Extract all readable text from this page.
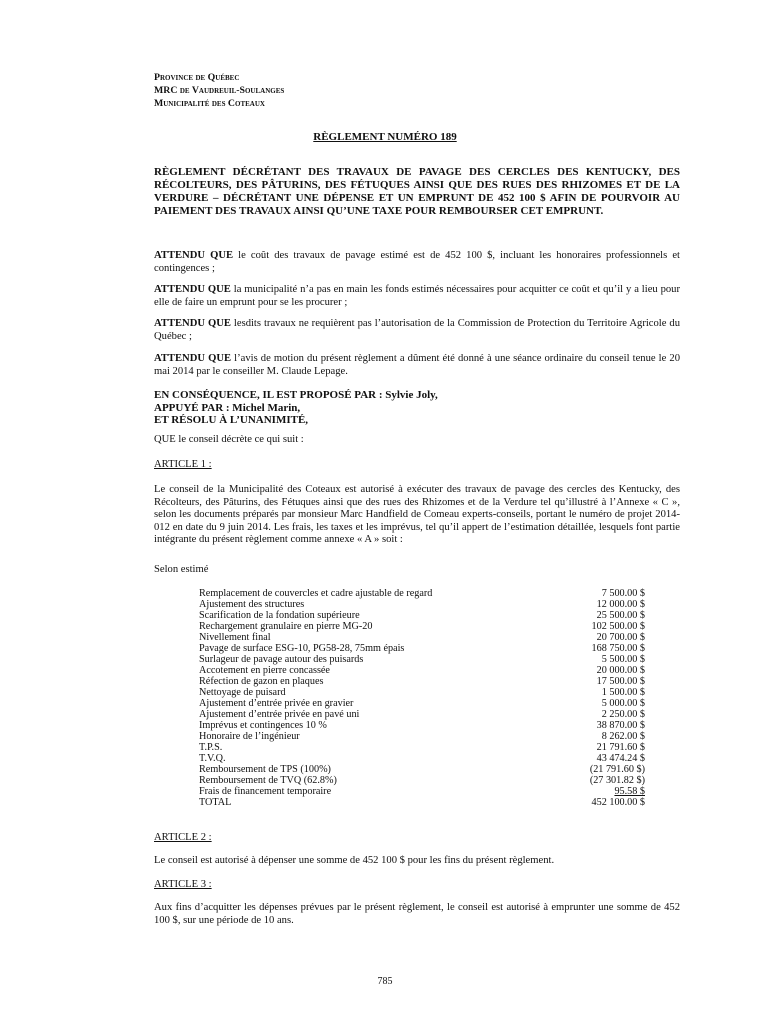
Province de Québec
MRC de Vaudreuil-Soulanges
Municipalité des Coteaux
RÈGLEMENT NUMÉRO 189
RÈGLEMENT DÉCRÉTANT DES TRAVAUX DE PAVAGE DES CERCLES DES KENTUCKY, DES RÉCOLTEURS, DES PÂTURINS, DES FÉTUQUES AINSI QUE DES RUES DES RHIZOMES ET DE LA VERDURE – DÉCRÉTANT UNE DÉPENSE ET UN EMPRUNT DE 452 100 $ AFIN DE POURVOIR AU PAIEMENT DES TRAVAUX AINSI QU’UNE TAXE POUR REMBOURSER CET EMPRUNT.
ATTENDU QUE le coût des travaux de pavage estimé est de 452 100 $, incluant les honoraires professionnels et contingences ;
ATTENDU QUE la municipalité n’a pas en main les fonds estimés nécessaires pour acquitter ce coût et qu’il y a lieu pour elle de faire un emprunt pour se les procurer ;
ATTENDU QUE lesdits travaux ne requièrent pas l’autorisation de la Commission de Protection du Territoire Agricole du Québec ;
ATTENDU QUE l’avis de motion du présent règlement a dûment été donné à une séance ordinaire du conseil tenue le 20 mai 2014 par le conseiller M. Claude Lepage.
EN CONSÉQUENCE, IL EST PROPOSÉ PAR : Sylvie Joly,
APPUYÉ PAR : Michel Marin,
ET RÉSOLU À L’UNANIMITÉ,
QUE le conseil décrète ce qui suit :
ARTICLE 1 :
Le conseil de la Municipalité des Coteaux est autorisé à exécuter des travaux de pavage des cercles des Kentucky, des Récolteurs, des Pâturins, des Fétuques ainsi que des rues des Rhizomes et de la Verdure tel qu’illustré à l’Annexe « C », selon les documents préparés par monsieur Marc Handfield de Comeau experts-conseils, portant le numéro de projet 2014-012 en date du 9 juin 2014. Les frais, les taxes et les imprévus, tel qu’il appert de l’estimation détaillée, lesquels font partie intégrante du présent règlement comme annexe « A » soit :
Selon estimé
Remplacement de couvercles et cadre ajustable de regard	7 500.00 $
Ajustement des structures	12 000.00 $
Scarification de la fondation supérieure	25 500.00 $
Rechargement granulaire en pierre MG-20	102 500.00 $
Nivellement final	20 700.00 $
Pavage de surface ESG-10, PG58-28, 75mm épais	168 750.00 $
Surlageur de pavage autour des puisards	5 500.00 $
Accotement en pierre concassée	20 000.00 $
Réfection de gazon en plaques	17 500.00 $
Nettoyage de puisard	1 500.00 $
Ajustement d’entrée privée en gravier	5 000.00 $
Ajustement d’entrée privée en pavé uni	2 250.00 $
Imprévus et contingences 10 %	38 870.00 $
Honoraire de l’ingénieur	8 262.00 $
T.P.S.	21 791.60 $
T.V.Q.	43 474.24 $
Remboursement de TPS (100%)	(21 791.60 $)
Remboursement de TVQ (62.8%)	(27 301.82 $)
Frais de financement temporaire	95.58 $
TOTAL	452 100.00 $
ARTICLE 2 :
Le conseil est autorisé à dépenser une somme de 452 100 $ pour les fins du présent règlement.
ARTICLE 3 :
Aux fins d’acquitter les dépenses prévues par le présent règlement, le conseil est autorisé à emprunter une somme de 452 100 $, sur une période de 10 ans.
785
